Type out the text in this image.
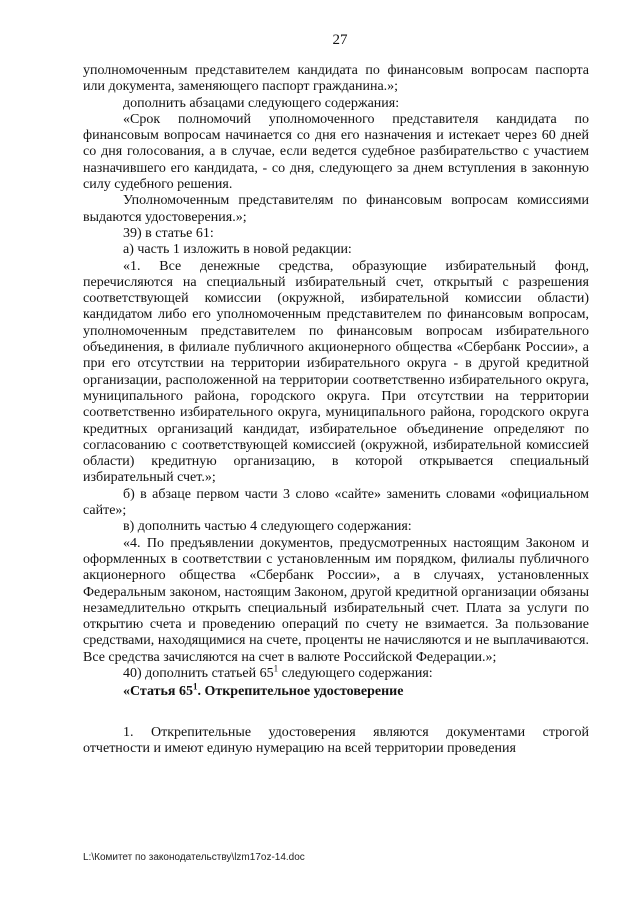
27

уполномоченным представителем кандидата по финансовым вопросам паспорта или документа, заменяющего паспорт гражданина.»;

дополнить абзацами следующего содержания:

«Срок полномочий уполномоченного представителя кандидата по финансовым вопросам начинается со дня его назначения и истекает через 60 дней со дня голосования, а в случае, если ведется судебное разбирательство с участием назначившего его кандидата, - со дня, следующего за днем вступления в законную силу судебного решения.

Уполномоченным представителям по финансовым вопросам комиссиями выдаются удостоверения.»;

39) в статье 61:

а) часть 1 изложить в новой редакции:

«1. Все денежные средства, образующие избирательный фонд, перечисляются на специальный избирательный счет, открытый с разрешения соответствующей комиссии (окружной, избирательной комиссии области) кандидатом либо его уполномоченным представителем по финансовым вопросам, уполномоченным представителем по финансовым вопросам избирательного объединения, в филиале публичного акционерного общества «Сбербанк России», а при его отсутствии на территории избирательного округа - в другой кредитной организации, расположенной на территории соответственно избирательного округа, муниципального района, городского округа. При отсутствии на территории соответственно избирательного округа, муниципального района, городского округа кредитных организаций кандидат, избирательное объединение определяют по согласованию с соответствующей комиссией (окружной, избирательной комиссией области) кредитную организацию, в которой открывается специальный избирательный счет.»;

б) в абзаце первом части 3 слово «сайте» заменить словами «официальном сайте»;

в) дополнить частью 4 следующего содержания:

«4. По предъявлении документов, предусмотренных настоящим Законом и оформленных в соответствии с установленным им порядком, филиалы публичного акционерного общества «Сбербанк России», а в случаях, установленных Федеральным законом, настоящим Законом, другой кредитной организации обязаны незамедлительно открыть специальный избирательный счет. Плата за услуги по открытию счета и проведению операций по счету не взимается. За пользование средствами, находящимися на счете, проценты не начисляются и не выплачиваются. Все средства зачисляются на счет в валюте Российской Федерации.»;

40) дополнить статьей $65^1$ следующего содержания:

«Статья $65^1$. Открепительное удостоверение

1. Открепительные удостоверения являются документами строгой отчетности и имеют единую нумерацию на всей территории проведения

L:\Комитет по законодательству\lzm17oz-14.doc
